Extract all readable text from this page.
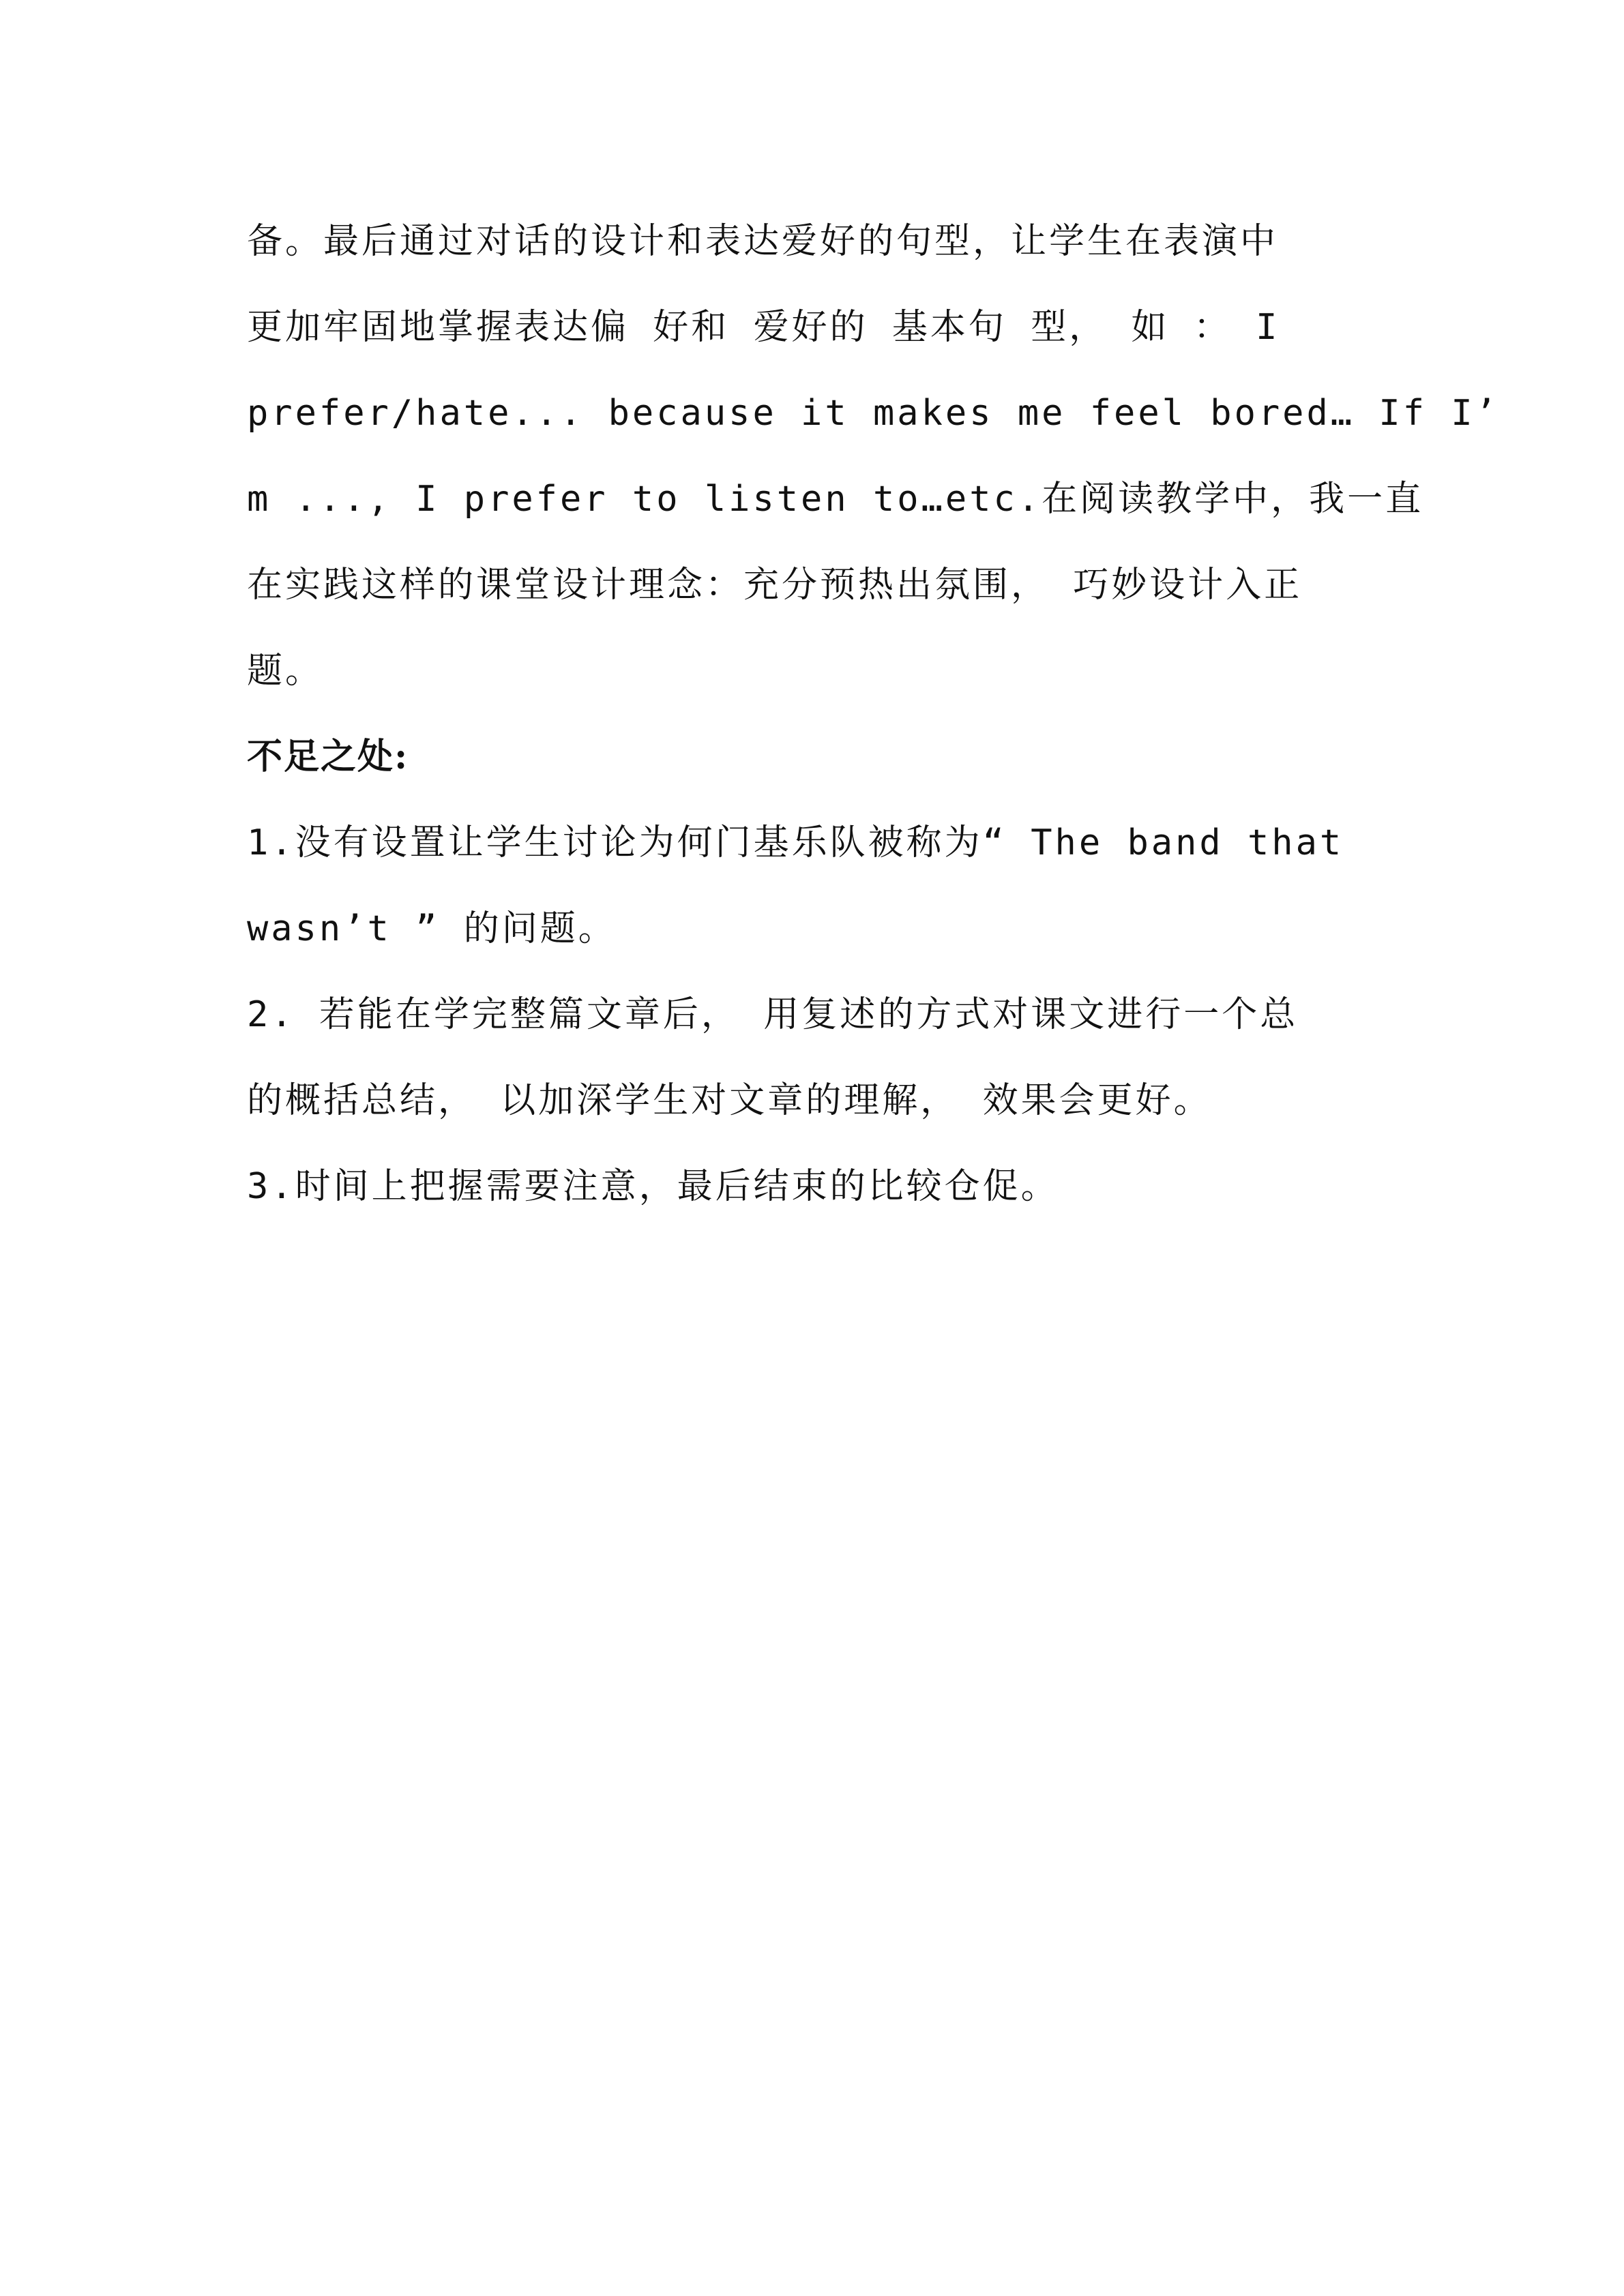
备。最后通过对话的设计和表达爱好的句型，让学生在表演中
更加牢固地掌握表达偏 好和 爱好的 基本句 型， 如 ： I
prefer/hate... because it makes me feel bored… If I’
m ..., I prefer to listen to…etc.在阅读教学中，我一直
在实践这样的课堂设计理念：充分预热出氛围， 巧妙设计入正
题。
不足之处:
1.没有设置让学生讨论为何门基乐队被称为“ The band that
wasn’t ” 的问题。
2. 若能在学完整篇文章后， 用复述的方式对课文进行一个总
的概括总结， 以加深学生对文章的理解， 效果会更好。
3.时间上把握需要注意，最后结束的比较仓促。
